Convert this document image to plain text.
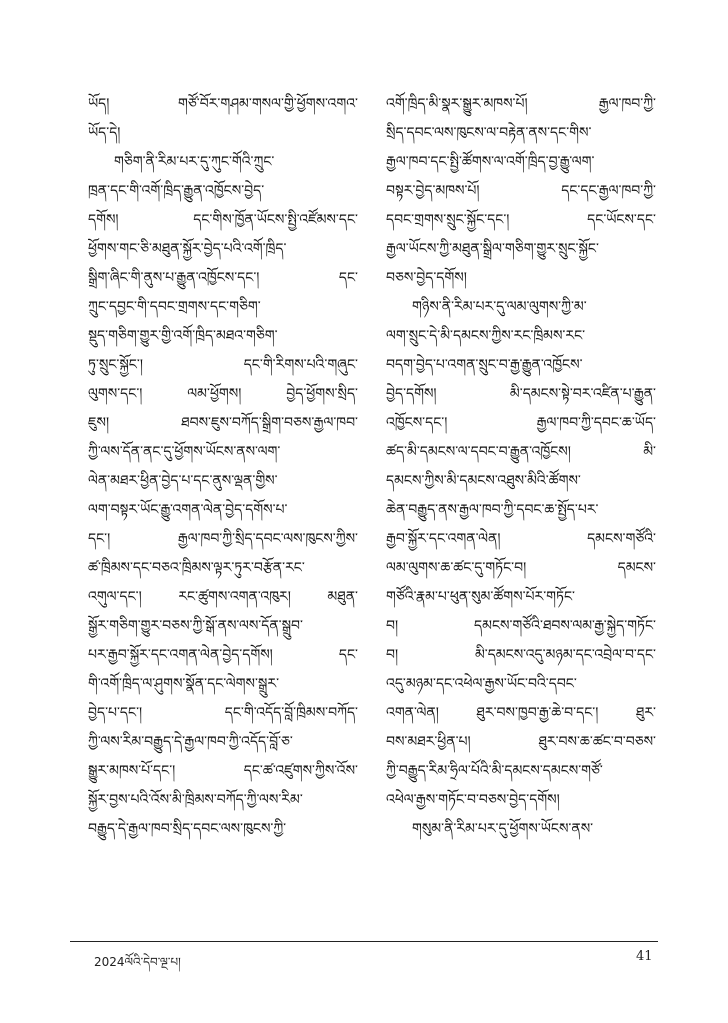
ཡོད། གཙོ་བོར་གཤམ་གསལ་གྱི་ཕྱོགས་འགའ་
ཡོད་དེ།
གཅིག་ནི་རིམ་པར་དུ་ཀུང་གོའི་ཀྲུང་
ཁྲན་དང་གི་འགོ་ཁྲིད་རྒྱུན་འཁྱོངས་བྱེད་
དགོས། དང་གིས་ཁྱོན་ཡོངས་སྤྱི་འཛོམས་དང་
ཕྱོགས་གང་ཅི་མཐུན་སྐྱོར་བྱེད་པའི་འགོ་ཁྲིད་
སྒྲིག་ཞིང་གི་ནུས་པ་རྒྱུན་འཁྱོངས་དང་། དང་
ཀྲུང་དབྱང་གི་དབང་གྲགས་དང་གཅིག་
སྡུད་གཅིག་གྱུར་གྱི་འགོ་ཁྲིད་མཐའ་གཅིག་
ཏུ་སྲུང་སྐྱོང་། དང་གི་རིགས་པའི་གཞུང་
ལུགས་དང་། ལམ་ཕྱོགས། བྱེད་ཕྱོགས་སྲིད་
ཇུས། ཐབས་ཇུས་བཀོད་སྒྲིག་བཅས་རྒྱལ་ཁབ་
ཀྱི་ལས་དོན་ནང་དུ་ཕྱོགས་ཡོངས་ནས་ལག་
ལེན་མཐར་ཕྱིན་བྱེད་པ་དང་ནུས་ལྡན་གྱིས་
ལག་བསྟར་ཡོང་རྒྱུ་འགན་ལེན་བྱེད་དགོས་པ་
དང་། རྒྱལ་ཁབ་ཀྱི་སྲིད་དབང་ལས་ཁུངས་ཀྱིས་
ཚ་ཁྲིམས་དང་བཅའ་ཁྲིམས་ལྟར་ཏུར་བརྩོན་རང་
འགུལ་དང་། རང་ཚུགས་འགན་འཁུར། མཐུན་
སྒྱོར་གཅིག་གྱུར་བཅས་ཀྱི་སྒོ་ནས་ལས་དོན་སྒྲུབ་
པར་རྒྱབ་སྐྱོར་དང་འགན་ལེན་བྱེད་དགོས། དང་
གི་འགོ་ཁྲིད་ལ་ཤུགས་སྣོན་དང་ལེགས་སྒྲུར་
བྱེད་པ་དང་། དང་གི་འདོད་བློ་ཁྲིམས་བཀོད་
ཀྱི་ལས་རིམ་བརྒྱུད་དེ་རྒྱལ་ཁབ་ཀྱི་འདོད་བློ་ཅ་
སྒྱུར་མཁས་པོ་དང་། དང་ཚ་འཛུགས་ཀྱིས་འོས་
སྐྱོར་བྱས་པའི་འོས་མི་ཁྲིམས་བཀོད་ཀྱི་ལས་རིམ་
བརྒྱུད་དེ་རྒྱལ་ཁབ་སྲིད་དབང་ལས་ཁུངས་ཀྱི་
འགོ་ཁྲིད་མི་སྣར་སྒྱུར་མཁས་པོ། རྒྱལ་ཁབ་ཀྱི་
སྲིད་དབང་ལས་ཁུངས་ལ་བརྟེན་ནས་དང་གིས་
རྒྱལ་ཁབ་དང་སྤྱི་ཚོགས་ལ་འགོ་ཁྲིད་བྱ་རྒྱུ་ལག་
བསྟར་བྱེད་མཁས་པོ། དང་དང་རྒྱལ་ཁབ་ཀྱི་
དབང་གྲགས་སྲུང་སྐྱོང་དང་། དང་ཡོངས་དང་
རྒྱལ་ཡོངས་ཀྱི་མཐུན་སྒྲིལ་གཅིག་གྱུར་སྲུང་སྐྱོང་
བཅས་བྱེད་དགོས།
གཉིས་ནི་རིམ་པར་དུ་ལམ་ལུགས་ཀྱི་མ་
ལག་སྲུང་དེ་མི་དམངས་ཀྱིས་རང་ཁྲིམས་རང་
བདག་བྱེད་པ་འགན་སྲུང་བ་རྒྱ་རྒྱུན་འཁྱོངས་
བྱེད་དགོས། མི་དམངས་སྟེ་བར་འཛིན་པ་རྒྱུན་
འཁྱོངས་དང་། རྒྱལ་ཁབ་ཀྱི་དབང་ཆ་ཡོད་
ཚད་མི་དམངས་ལ་དབང་བ་རྒྱུན་འཁྱོངས། མི་
དམངས་ཀྱིས་མི་དམངས་འཐུས་མིའི་ཚོགས་
ཆེན་བརྒྱུད་ནས་རྒྱལ་ཁབ་ཀྱི་དབང་ཆ་སྤྱོད་པར་
རྒྱབ་སྐྱོར་དང་འགན་ལེན། དམངས་གཙོའི་
ལམ་ལུགས་ཆ་ཚང་དུ་གཏོང་བ། དམངས་
གཙོའི་རྣམ་པ་ཕུན་སུམ་ཚོགས་པོར་གཏོང་
བ། དམངས་གཙོའི་ཐབས་ལམ་རྒྱ་སྐྱེད་གཏོང་
བ། མི་དམངས་འདུ་མཉམ་དང་འབྲེལ་བ་དང་
འདུ་མཉམ་དང་འཕེལ་རྒྱས་ཡོང་བའི་དབང་
འགན་ལེན། ཐུར་བས་ཁྱབ་རྒྱ་ཆེ་བ་དང་། ཐུར་
བས་མཐར་ཕྱིན་པ། ཐུར་བས་ཆ་ཚང་བ་བཅས་
ཀྱི་བརྒྱུད་རིམ་ཧྲིལ་པོའི་མི་དམངས་དམངས་གཙོ་
འཕེལ་རྒྱས་གཏོང་བ་བཅས་བྱེད་དགོས།
གསུམ་ནི་རིམ་པར་དུ་ཕྱོགས་ཡོངས་ནས་
2024ལོའི་དེབ་ལྔ་པ།	41
